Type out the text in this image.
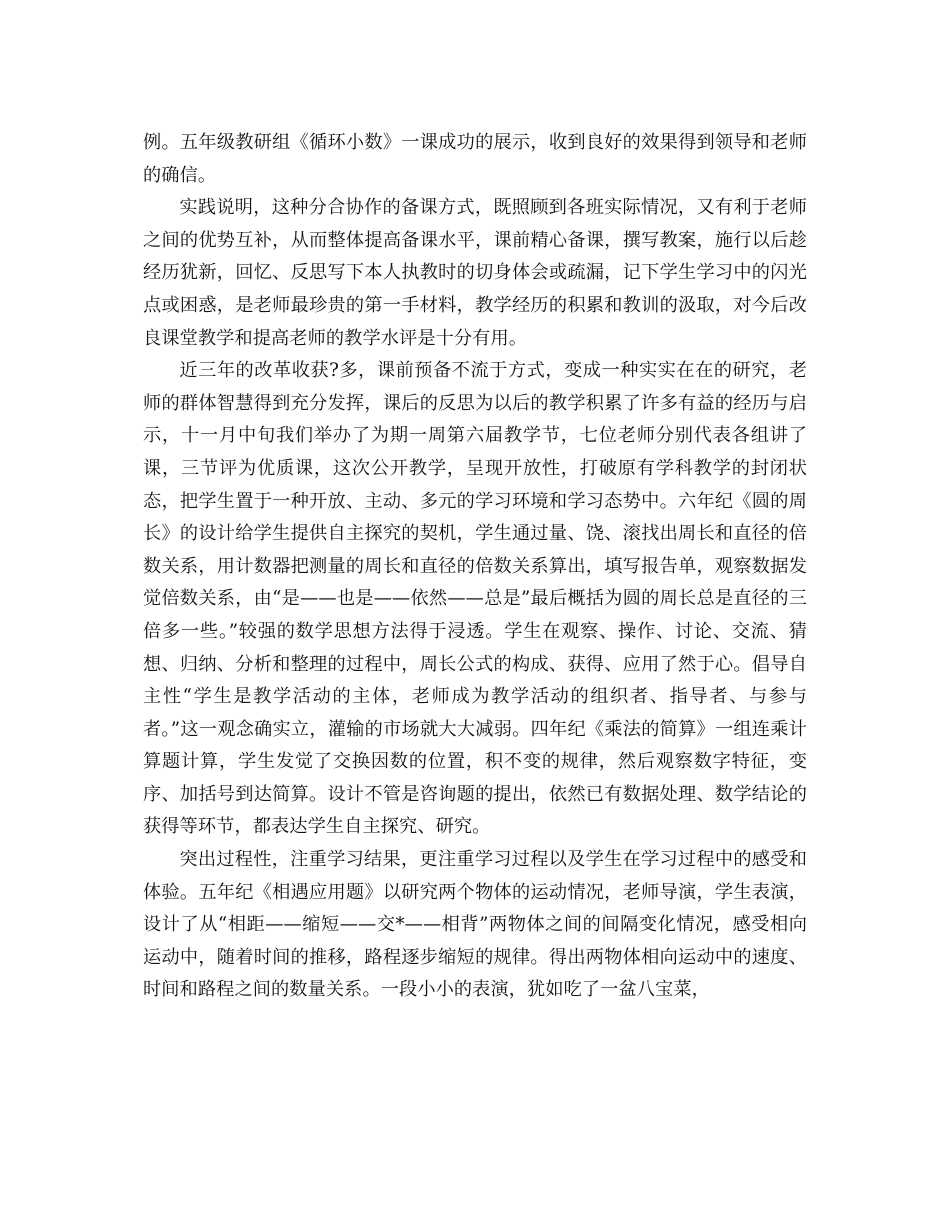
例。五年级教研组《循环小数》一课成功的展示，收到良好的效果得到领导和老师的确信。

实践说明，这种分合协作的备课方式，既照顾到各班实际情况，又有利于老师之间的优势互补，从而整体提高备课水平，课前精心备课，撰写教案，施行以后趁经历犹新，回忆、反思写下本人执教时的切身体会或疏漏，记下学生学习中的闪光点或困惑，是老师最珍贵的第一手材料，教学经历的积累和教训的汲取，对今后改良课堂教学和提高老师的教学水评是十分有用。

近三年的改革收获?多，课前预备不流于方式，变成一种实实在在的研究，老师的群体智慧得到充分发挥，课后的反思为以后的教学积累了许多有益的经历与启示，十一月中旬我们举办了为期一周第六届教学节，七位老师分别代表各组讲了课，三节评为优质课，这次公开教学，呈现开放性，打破原有学科教学的封闭状态，把学生置于一种开放、主动、多元的学习环境和学习态势中。六年纪《圆的周长》的设计给学生提供自主探究的契机，学生通过量、饶、滚找出周长和直径的倍数关系，用计数器把测量的周长和直径的倍数关系算出，填写报告单，观察数据发觉倍数关系，由“是——也是——依然——总是”最后概括为圆的周长总是直径的三倍多一些。”较强的数学思想方法得于浸透。学生在观察、操作、讨论、交流、猜想、归纳、分析和整理的过程中，周长公式的构成、获得、应用了然于心。倡导自主性“学生是教学活动的主体，老师成为教学活动的组织者、指导者、与参与者。”这一观念确实立，灌输的市场就大大减弱。四年纪《乘法的简算》一组连乘计算题计算，学生发觉了交换因数的位置，积不变的规律，然后观察数字特征，变序、加括号到达简算。设计不管是咨询题的提出，依然已有数据处理、数学结论的获得等环节，都表达学生自主探究、研究。

突出过程性，注重学习结果，更注重学习过程以及学生在学习过程中的感受和体验。五年纪《相遇应用题》以研究两个物体的运动情况，老师导演，学生表演，设计了从“相距——缩短——交*——相背”两物体之间的间隔变化情况，感受相向运动中，随着时间的推移，路程逐步缩短的规律。得出两物体相向运动中的速度、时间和路程之间的数量关系。一段小小的表演，犹如吃了一盆八宝菜，
